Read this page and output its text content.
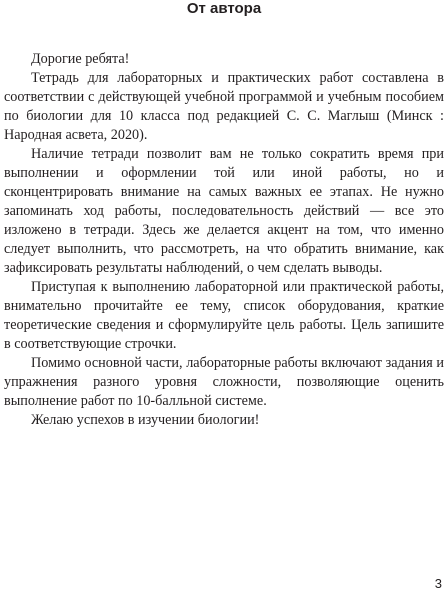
От автора

Дорогие ребята!

Тетрадь для лабораторных и практических работ составлена в соответствии с действующей учебной программой и учебным пособием по биологии для 10 класса под редакцией С. С. Маглыш (Минск : Народная асвета, 2020).

Наличие тетради позволит вам не только сократить время при выполнении и оформлении той или иной работы, но и сконцентрировать внимание на самых важных ее этапах. Не нужно запоминать ход работы, последовательность действий — все это изложено в тетради. Здесь же делается акцент на том, что именно следует выполнить, что рассмотреть, на что обратить внимание, как зафиксировать результаты наблюдений, о чем сделать выводы.

Приступая к выполнению лабораторной или практической работы, внимательно прочитайте ее тему, список оборудования, краткие теоретические сведения и сформулируйте цель работы. Цель запишите в соответствующие строчки.

Помимо основной части, лабораторные работы включают задания и упражнения разного уровня сложности, позволяющие оценить выполнение работ по 10-балльной системе.

Желаю успехов в изучении биологии!

3
